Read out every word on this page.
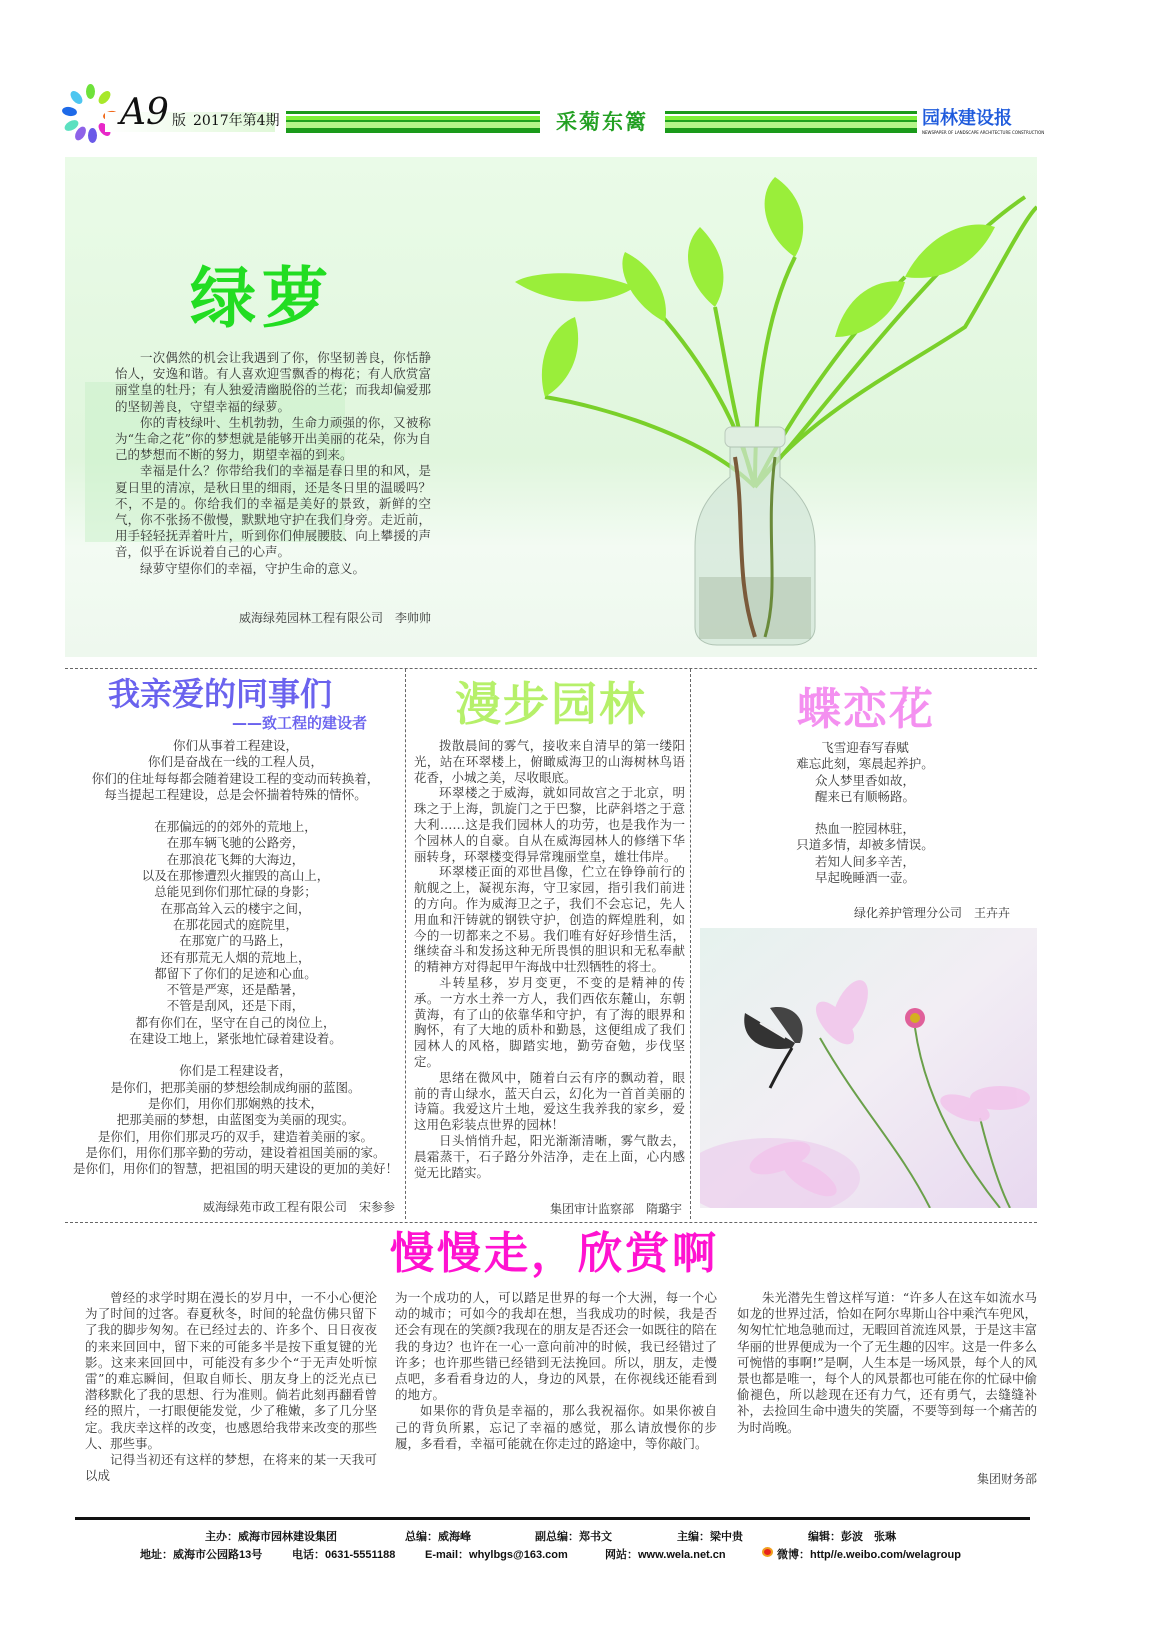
A9 版 2017年第4期	采菊东篱	园林建设报
NEWSPAPER OF LANDSCAPE ARCHITECTURE CONSTRUCTION
绿萝

一次偶然的机会让我遇到了你，你坚韧善良，你恬静怡人，安逸和谐。有人喜欢迎雪飘香的梅花；有人欣赏富丽堂皇的牡丹；有人独爱清幽脱俗的兰花；而我却偏爱那的坚韧善良，守望幸福的绿萝。

你的青枝绿叶、生机勃勃，生命力顽强的你，又被称为“生命之花”你的梦想就是能够开出美丽的花朵，你为自己的梦想而不断的努力，期望幸福的到来。

幸福是什么？你带给我们的幸福是春日里的和风，是夏日里的清凉，是秋日里的细雨，还是冬日里的温暖吗？不，不是的。你给我们的幸福是美好的景致，新鲜的空气，你不张扬不傲慢，默默地守护在我们身旁。走近前，用手轻轻抚弄着叶片，听到你们伸展腰肢、向上攀援的声音，似乎在诉说着自己的心声。

绿萝守望你们的幸福，守护生命的意义。

威海绿苑园林工程有限公司　李帅帅
我亲爱的同事们
——致工程的建设者

你们从事着工程建设，

你们是奋战在一线的工程人员，

你们的住址每每都会随着建设工程的变动而转换着，

每当提起工程建设，总是会怀揣着特殊的情怀。

在那偏远的的郊外的荒地上，

在那车辆飞驰的公路旁，

在那浪花飞舞的大海边，

以及在那惨遭烈火摧毁的高山上，

总能见到你们那忙碌的身影；

在那高耸入云的楼宇之间，

在那花园式的庭院里，

在那宽广的马路上，

还有那荒无人烟的荒地上，

都留下了你们的足迹和心血。

不管是严寒，还是酷暑，

不管是刮风，还是下雨，

都有你们在，坚守在自己的岗位上，

在建设工地上，紧张地忙碌着建设着。

你们是工程建设者，

是你们，把那美丽的梦想绘制成绚丽的蓝图。

是你们，用你们那娴熟的技术，

把那美丽的梦想，由蓝图变为美丽的现实。

是你们，用你们那灵巧的双手，建造着美丽的家。

是你们，用你们那辛勤的劳动，建设着祖国美丽的家。

是你们，用你们的智慧，把祖国的明天建设的更加的美好！

威海绿苑市政工程有限公司　宋参参
漫步园林

拨散晨间的雾气，接收来自清早的第一缕阳光，站在环翠楼上，俯瞰威海卫的山海树林鸟语花香，小城之美，尽收眼底。

环翠楼之于威海，就如同故宫之于北京，明珠之于上海，凯旋门之于巴黎，比萨斜塔之于意大利……这是我们园林人的功劳，也是我作为一个园林人的自豪。自从在威海园林人的修缮下华丽转身，环翠楼变得异常瑰丽堂皇，雄壮伟岸。

环翠楼正面的邓世昌像，伫立在铮铮前行的航舰之上，凝视东海，守卫家园，指引我们前进的方向。作为威海卫之子，我们不会忘记，先人用血和汗铸就的钢铁守护，创造的辉煌胜利，如今的一切都来之不易。我们唯有好好珍惜生活，继续奋斗和发扬这种无所畏惧的胆识和无私奉献的精神方对得起甲午海战中壮烈牺牲的将士。

斗转星移，岁月变更，不变的是精神的传承。一方水土养一方人，我们西依东麓山，东朝黄海，有了山的依靠华和守护，有了海的眼界和胸怀，有了大地的质朴和勤恳，这便组成了我们园林人的风格，脚踏实地，勤劳奋勉，步伐坚定。

思绪在微风中，随着白云有序的飘动着，眼前的青山绿水，蓝天白云，幻化为一首首美丽的诗篇。我爱这片土地，爱这生我养我的家乡，爱这用色彩装点世界的园林！

日头悄悄升起，阳光渐渐清晰，雾气散去，晨霜蒸干，石子路分外洁净，走在上面，心内感觉无比踏实。

集团审计监察部　隋璐宇
蝶恋花

飞雪迎春写春赋

难忘此刻，寒晨起养护。

众人梦里香如故，

醒来已有顺畅路。

热血一腔园林驻，

只道多情，却被多情误。

若知人间多辛苦，

早起晚睡酒一壶。

绿化养护管理分公司　王卉卉
慢慢走，欣赏啊

曾经的求学时期在漫长的岁月中，一不小心便沦为了时间的过客。春夏秋冬，时间的轮盘仿佛只留下了我的脚步匆匆。在已经过去的、许多个、日日夜夜的来来回回中，留下来的可能多半是按下重复键的光影。这来来回回中，可能没有多少个“于无声处听惊雷”的难忘瞬间，但取自师长、朋友身上的泛光点已潜移默化了我的思想、行为准则。倘若此刻再翻看曾经的照片，一打眼便能发觉，少了稚嫩，多了几分坚定。我庆幸这样的改变，也感恩给我带来改变的那些人、那些事。

记得当初还有这样的梦想，在将来的某一天我可以成

为一个成功的人，可以踏足世界的每一个大洲，每一个心动的城市；可如今的我却在想，当我成功的时候，我是否还会有现在的笑颜?我现在的朋友是否还会一如既往的陪在我的身边？也许在一心一意向前冲的时候，我已经错过了许多；也许那些错已经错到无法挽回。所以，朋友，走慢点吧，多看看身边的人，身边的风景，在你视线还能看到的地方。

如果你的背负是幸福的，那么我祝福你。如果你被自己的背负所累，忘记了幸福的感觉，那么请放慢你的步履，多看看，幸福可能就在你走过的路途中，等你敲门。

朱光潜先生曾这样写道：“许多人在这车如流水马如龙的世界过活，恰如在阿尔卑斯山谷中乘汽车兜风，匆匆忙忙地急驰而过，无暇回首流连风景，于是这丰富华丽的世界便成为一个了无生趣的囚牢。这是一件多么可惋惜的事啊!”是啊，人生本是一场风景，每个人的风景也都是唯一，每个人的风景都也可能在你的忙碌中偷偷褪色，所以趁现在还有力气，还有勇气，去缝缝补补，去捡回生命中遗失的笑靥，不要等到每一个痛苦的为时尚晚。

集团财务部
主办：威海市园林建设集团	总编：威海峰	副总编：郑书文	主编：梁中贵	编辑：彭波　张琳
地址：威海市公园路13号	电话：0631-5551188	E-mail：whylbgs@163.com	网站：www.wela.net.cn	微博：http//e.weibo.com/welagroup
